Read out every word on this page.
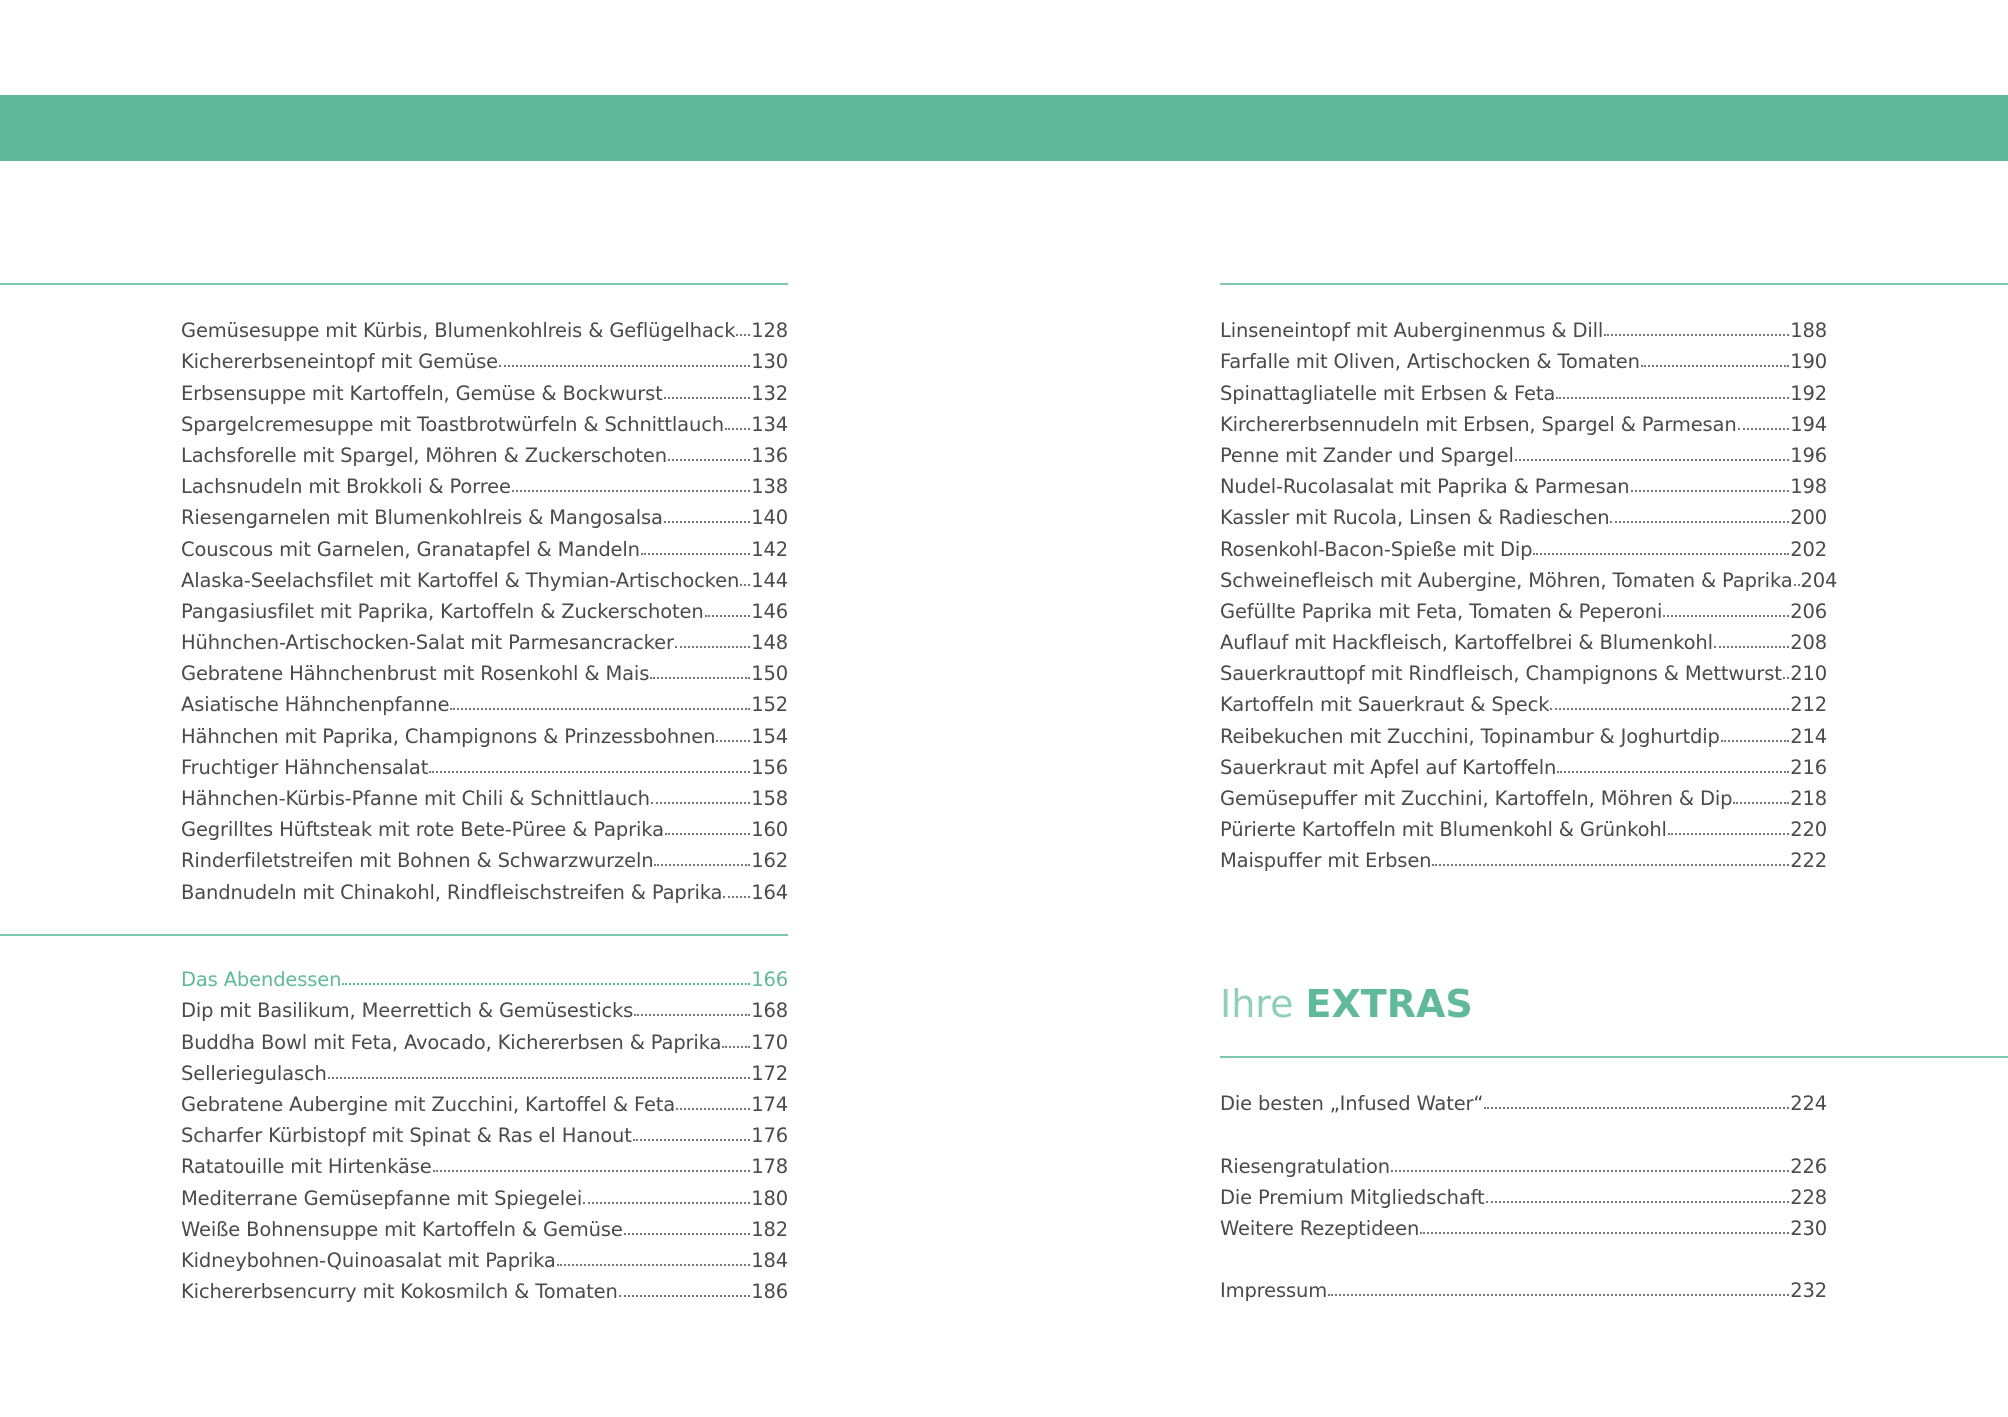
Gemüsesuppe mit Kürbis, Blumenkohlreis & Geflügelhack 128
Kichererbseneintopf mit Gemüse	130
Erbsensuppe mit Kartoffeln, Gemüse & Bockwurst	132
Spargelcremesuppe mit Toastbrotwürfeln & Schnittlauch 134
Lachsforelle mit Spargel, Möhren & Zuckerschoten	136
Lachsnudeln mit Brokkoli & Porree	138
Riesengarnelen mit Blumenkohlreis & Mangosalsa	140
Couscous mit Garnelen, Granatapfel & Mandeln	142
Alaska-Seelachsfilet mit Kartoffel & Thymian-Artischocken 144
Pangasiusfilet mit Paprika, Kartoffeln & Zuckerschoten 146
Hühnchen-Artischocken-Salat mit Parmesancracker	148
Gebratene Hähnchenbrust mit Rosenkohl & Mais	150
Asiatische Hähnchenpfanne	152
Hähnchen mit Paprika, Champignons & Prinzessbohnen 154
Fruchtiger Hähnchensalat	156
Hähnchen-Kürbis-Pfanne mit Chili & Schnittlauch	158
Gegrilltes Hüftsteak mit rote Bete-Püree & Paprika	160
Rinderfiletstreifen mit Bohnen & Schwarzwurzeln	162
Bandnudeln mit Chinakohl, Rindfleischstreifen & Paprika 164
Das Abendessen	166
Dip mit Basilikum, Meerrettich & Gemüsesticks	168
Buddha Bowl mit Feta, Avocado, Kichererbsen & Paprika 170
Selleriegulasch	172
Gebratene Aubergine mit Zucchini, Kartoffel & Feta	174
Scharfer Kürbistopf mit Spinat & Ras el Hanout	176
Ratatouille mit Hirtenkäse	178
Mediterrane Gemüsepfanne mit Spiegelei	180
Weiße Bohnensuppe mit Kartoffeln & Gemüse	182
Kidneybohnen-Quinoasalat mit Paprika	184
Kichererbsencurry mit Kokosmilch & Tomaten	186
Linseneintopf mit Auberginenmus & Dill	188
Farfalle mit Oliven, Artischocken & Tomaten	190
Spinattagliatelle mit Erbsen & Feta	192
Kirchererbsennudeln mit Erbsen, Spargel & Parmesan	194
Penne mit Zander und Spargel	196
Nudel-Rucolasalat mit Paprika & Parmesan	198
Kassler mit Rucola, Linsen & Radieschen	200
Rosenkohl-Bacon-Spieße mit Dip	202
Schweinefleisch mit Aubergine, Möhren, Tomaten & Paprika 204
Gefüllte Paprika mit Feta, Tomaten & Peperoni	206
Auflauf mit Hackfleisch, Kartoffelbrei & Blumenkohl	208
Sauerkrauttopf mit Rindfleisch, Champignons & Mettwurst 210
Kartoffeln mit Sauerkraut & Speck	212
Reibekuchen mit Zucchini, Topinambur & Joghurtdip	214
Sauerkraut mit Apfel auf Kartoffeln	216
Gemüsepuffer mit Zucchini, Kartoffeln, Möhren & Dip	218
Pürierte Kartoffeln mit Blumenkohl & Grünkohl	220
Maispuffer mit Erbsen	222
Ihre EXTRAS
Die besten „Infused Water“	224
Riesengratulation	226
Die Premium Mitgliedschaft	228
Weitere Rezeptideen	230
Impressum	232
